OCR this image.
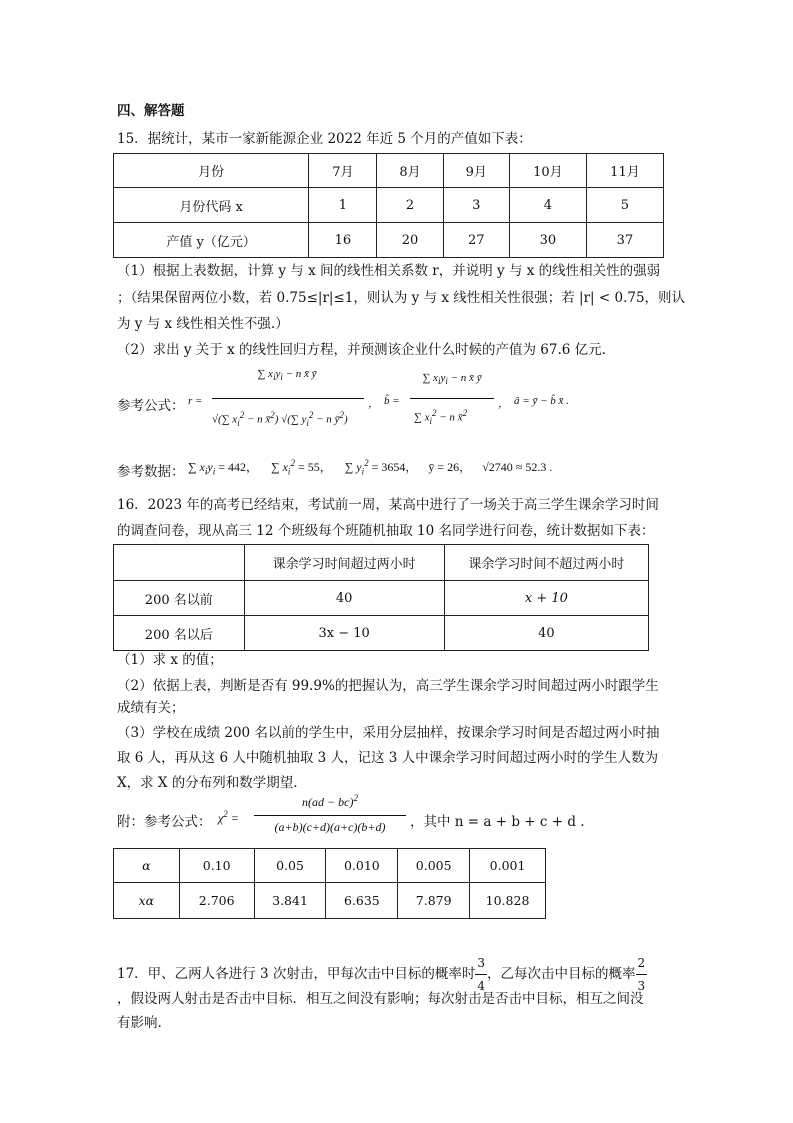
四、解答题
15．据统计，某市一家新能源企业 2022 年近 5 个月的产值如下表：
月份	7月	8月	9月	10月	11月
月份代码 x	1	2	3	4	5
产值 y（亿元）	16	20	27	30	37
（1）根据上表数据，计算 y 与 x 间的线性相关系数 r，并说明 y 与 x 的线性相关性的强弱
；（结果保留两位小数，若 0.75≤|r|≤1，则认为 y 与 x 线性相关性很强；若 |r| < 0.75，则认
为 y 与 x 线性相关性不强.）
（2）求出 y 关于 x 的线性回归方程，并预测该企业什么时候的产值为 67.6 亿元.
参考公式： r =
∑ $x_iy_i - n$ x̄ ȳ
√(∑ $x_i^2 - n$ x̄$^2$) √(∑ $y_i^2 - n$ $ȳ^2$)
， b̂ =
∑ $x_iy_i - n$ x̄ ȳ
∑ $x_i^2 - n$ x̄$^2$
， â = ȳ − b̂ x̄ .
参考数据： ∑ $x_iy_i = 442$， ∑ $x_i^2 = 55$， ∑ $y_i^2 = 3654$， ȳ = 26， √2740 ≈ 52.3 .
16．2023 年的高考已经结束，考试前一周，某高中进行了一场关于高三学生课余学习时间
的调查问卷，现从高三 12 个班级每个班随机抽取 10 名同学进行问卷，统计数据如下表：
	课余学习时间超过两小时	课余学习时间不超过两小时
200 名以前	40	x + 10
200 名以后	3x − 10	40
（1）求 x 的值；
（2）依据上表，判断是否有 99.9%的把握认为，高三学生课余学习时间超过两小时跟学生
成绩有关；
（3）学校在成绩 200 名以前的学生中，采用分层抽样，按课余学习时间是否超过两小时抽
取 6 人，再从这 6 人中随机抽取 3 人，记这 3 人中课余学习时间超过两小时的学生人数为
X，求 X 的分布列和数学期望.
附：参考公式： $\chi^2$ =
n(ad − bc)$^2$
(a+b)(c+d)(a+c)(b+d)	，其中 n = a + b + c + d .
α	0.10	0.05	0.010	0.005	0.001
xα	2.706	3.841	6.635	7.879	10.828
17．甲、乙两人各进行 3 次射击，甲每次击中目标的概率时 $\frac{3}{4}$ ，乙每次击中目标的概率 $\frac{2}{3}$
，假设两人射击是否击中目标．相互之间没有影响；每次射击是否击中目标，相互之间没
有影响.
